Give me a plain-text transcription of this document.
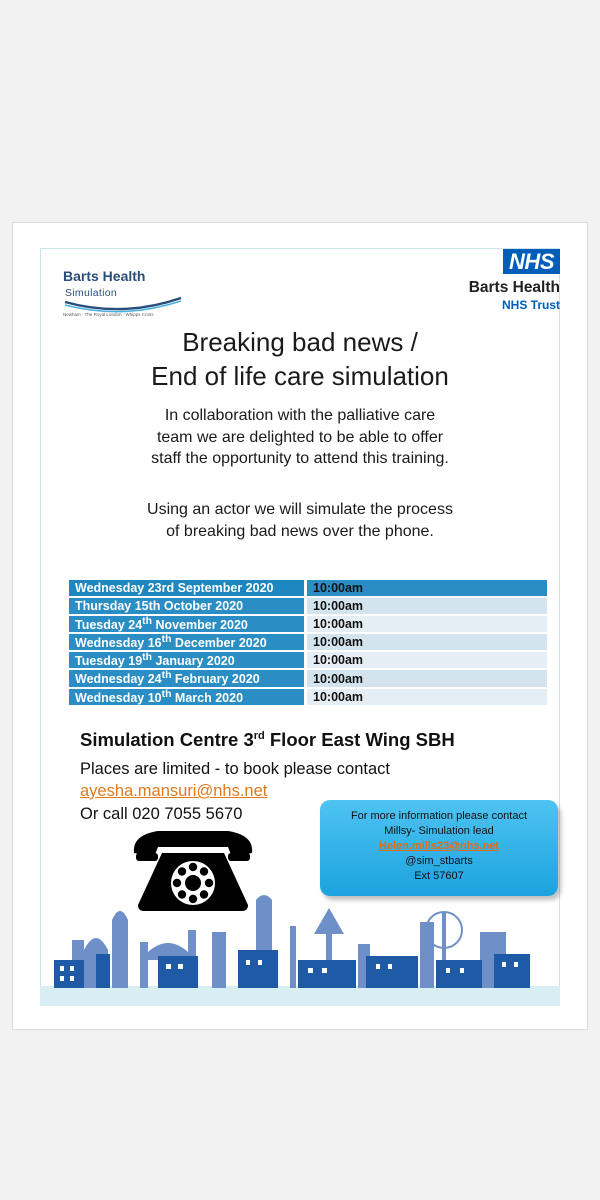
Barts Health
Simulation
Newham · The Royal London · Whipps Cross
NHS
Barts Health
NHS Trust
Breaking bad news /
End of life care simulation
In collaboration with the palliative care
team we are delighted to be able to offer
staff the opportunity to attend this training.
Using an actor we will simulate the process
of breaking bad news over the phone.
Wednesday 23rd September 2020	10:00am
Thursday 15th October 2020	10:00am
Tuesday 24th November 2020	10:00am
Wednesday 16th December 2020	10:00am
Tuesday 19th January 2020	10:00am
Wednesday 24th February 2020	10:00am
Wednesday 10th March 2020	10:00am
Simulation Centre 3rd Floor East Wing SBH
Places are limited - to book please contact
ayesha.mansuri@nhs.net
Or call 020 7055 5670	For more information please contact
Millsy- Simulation lead
Helen.mills23@nhs.net
@sim_stbarts
Ext 57607
